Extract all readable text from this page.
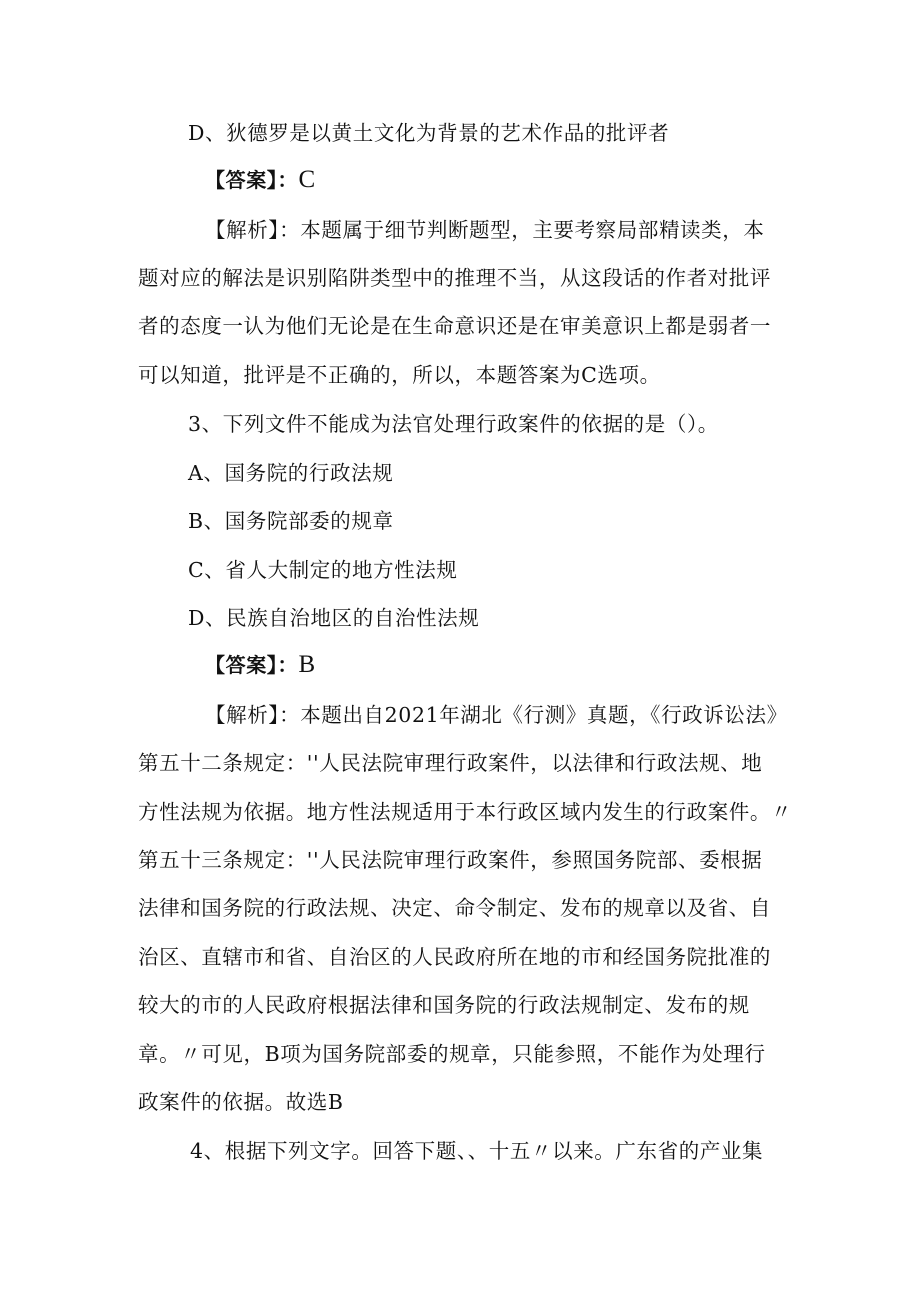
D、狄德罗是以黄土文化为背景的艺术作品的批评者
【答案】：C
【解析】：本题属于细节判断题型，主要考察局部精读类，本
题对应的解法是识别陷阱类型中的推理不当，从这段话的作者对批评
者的态度一认为他们无论是在生命意识还是在审美意识上都是弱者一
可以知道，批评是不正确的，所以，本题答案为C选项。
3、下列文件不能成为法官处理行政案件的依据的是（）。
A、国务院的行政法规
B、国务院部委的规章
C、省人大制定的地方性法规
D、民族自治地区的自治性法规
【答案】：B
【解析】：本题出自2021年湖北《行测》真题，《行政诉讼法》
第五十二条规定：''人民法院审理行政案件，以法律和行政法规、地
方性法规为依据。地方性法规适用于本行政区域内发生的行政案件。〃
第五十三条规定：''人民法院审理行政案件，参照国务院部、委根据
法律和国务院的行政法规、决定、命令制定、发布的规章以及省、自
治区、直辖市和省、自治区的人民政府所在地的市和经国务院批准的
较大的市的人民政府根据法律和国务院的行政法规制定、发布的规
章。〃可见，B项为国务院部委的规章，只能参照，不能作为处理行
政案件的依据。故选B
4、根据下列文字。回答下题、、十五〃以来。广东省的产业集
